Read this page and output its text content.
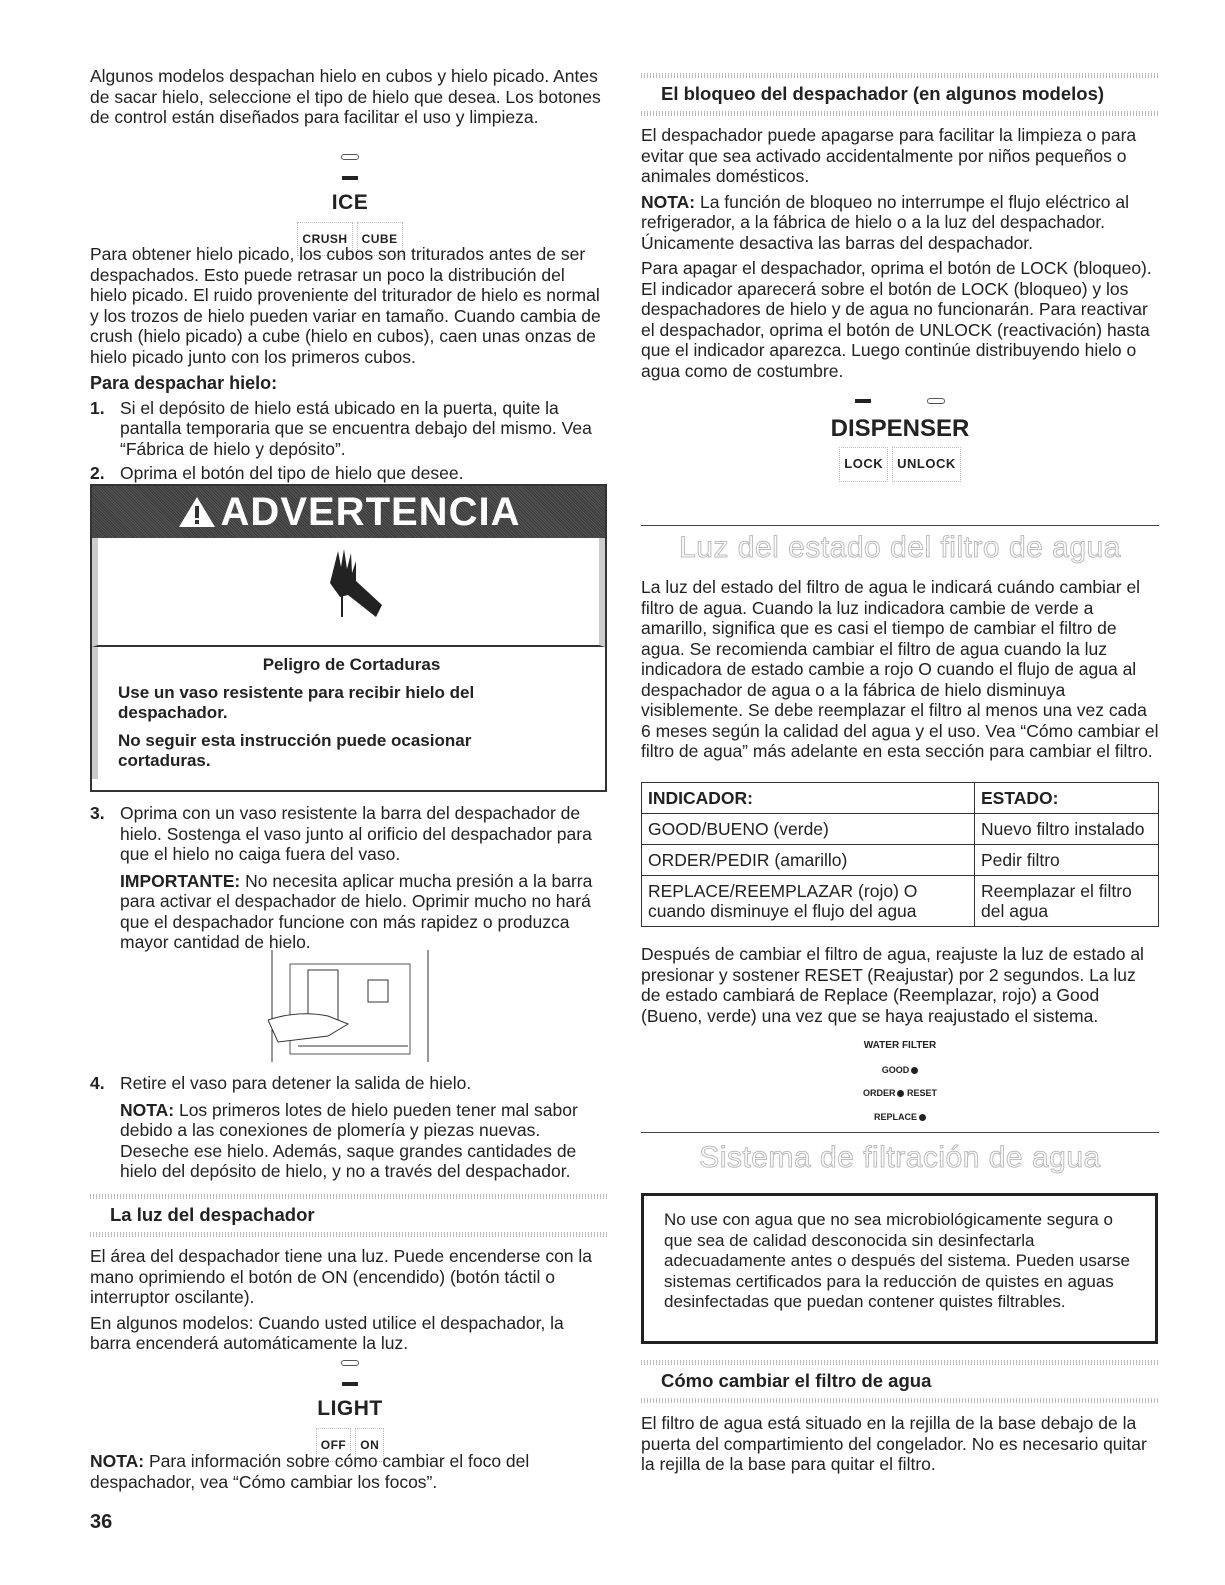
Algunos modelos despachan hielo en cubos y hielo picado. Antes de sacar hielo, seleccione el tipo de hielo que desea. Los botones de control están diseñados para facilitar el uso y limpieza.

ICE
CRUSH CUBE

Para obtener hielo picado, los cubos son triturados antes de ser despachados. Esto puede retrasar un poco la distribución del hielo picado. El ruido proveniente del triturador de hielo es normal y los trozos de hielo pueden variar en tamaño. Cuando cambia de crush (hielo picado) a cube (hielo en cubos), caen unas onzas de hielo picado junto con los primeros cubos.

Para despachar hielo:
1. Si el depósito de hielo está ubicado en la puerta, quite la pantalla temporaria que se encuentra debajo del mismo. Vea “Fábrica de hielo y depósito”.
2. Oprima el botón del tipo de hielo que desee.
ADVERTENCIA
Peligro de Cortaduras
Use un vaso resistente para recibir hielo del despachador.
No seguir esta instrucción puede ocasionar cortaduras.
3. Oprima con un vaso resistente la barra del despachador de hielo. Sostenga el vaso junto al orificio del despachador para que el hielo no caiga fuera del vaso.

IMPORTANTE: No necesita aplicar mucha presión a la barra para activar el despachador de hielo. Oprimir mucho no hará que el despachador funcione con más rapidez o produzca mayor cantidad de hielo.

4. Retire el vaso para detener la salida de hielo.

NOTA: Los primeros lotes de hielo pueden tener mal sabor debido a las conexiones de plomería y piezas nuevas. Deseche ese hielo. Además, saque grandes cantidades de hielo del depósito de hielo, y no a través del despachador.

La luz del despachador

El área del despachador tiene una luz. Puede encenderse con la mano oprimiendo el botón de ON (encendido) (botón táctil o interruptor oscilante).

En algunos modelos: Cuando usted utilice el despachador, la barra encenderá automáticamente la luz.

LIGHT
OFF ON

NOTA: Para información sobre cómo cambiar el foco del despachador, vea “Cómo cambiar los focos”.

36
El bloqueo del despachador (en algunos modelos)

El despachador puede apagarse para facilitar la limpieza o para evitar que sea activado accidentalmente por niños pequeños o animales domésticos.

NOTA: La función de bloqueo no interrumpe el flujo eléctrico al refrigerador, a la fábrica de hielo o a la luz del despachador. Únicamente desactiva las barras del despachador.

Para apagar el despachador, oprima el botón de LOCK (bloqueo). El indicador aparecerá sobre el botón de LOCK (bloqueo) y los despachadores de hielo y de agua no funcionarán. Para reactivar el despachador, oprima el botón de UNLOCK (reactivación) hasta que el indicador aparezca. Luego continúe distribuyendo hielo o agua como de costumbre.

DISPENSER
LOCK UNLOCK
Luz del estado del filtro de agua

La luz del estado del filtro de agua le indicará cuándo cambiar el filtro de agua. Cuando la luz indicadora cambie de verde a amarillo, significa que es casi el tiempo de cambiar el filtro de agua. Se recomienda cambiar el filtro de agua cuando la luz indicadora de estado cambie a rojo O cuando el flujo de agua al despachador de agua o a la fábrica de hielo disminuya visiblemente. Se debe reemplazar el filtro al menos una vez cada 6 meses según la calidad del agua y el uso. Vea “Cómo cambiar el filtro de agua” más adelante en esta sección para cambiar el filtro.

INDICADOR:	ESTADO:
GOOD/BUENO (verde)	Nuevo filtro instalado
ORDER/PEDIR (amarillo)	Pedir filtro
REPLACE/REEMPLAZAR (rojo) O cuando disminuye el flujo del agua	Reemplazar el filtro del agua

Después de cambiar el filtro de agua, reajuste la luz de estado al presionar y sostener RESET (Reajustar) por 2 segundos. La luz de estado cambiará de Replace (Reemplazar, rojo) a Good (Bueno, verde) una vez que se haya reajustado el sistema.

WATER FILTER
GOOD
ORDER RESET
REPLACE
Sistema de filtración de agua
No use con agua que no sea microbiológicamente segura o que sea de calidad desconocida sin desinfectarla adecuadamente antes o después del sistema. Pueden usarse sistemas certificados para la reducción de quistes en aguas desinfectadas que puedan contener quistes filtrables.
Cómo cambiar el filtro de agua

El filtro de agua está situado en la rejilla de la base debajo de la puerta del compartimiento del congelador. No es necesario quitar la rejilla de la base para quitar el filtro.
